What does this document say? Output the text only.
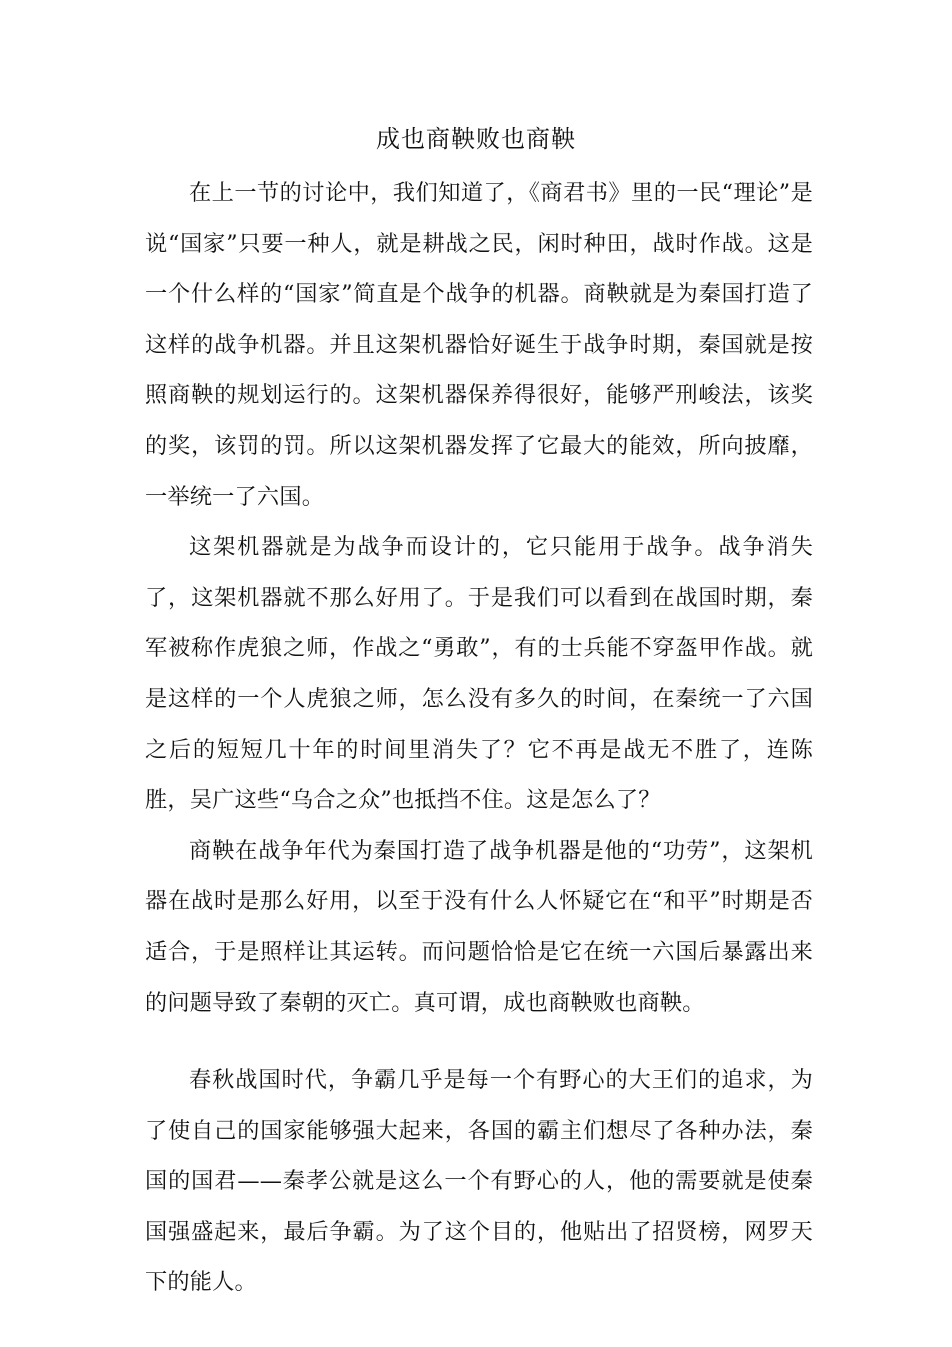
成也商鞅败也商鞅

在上一节的讨论中，我们知道了，《商君书》里的一民“理论”是说“国家”只要一种人，就是耕战之民，闲时种田，战时作战。这是一个什么样的“国家”简直是个战争的机器。商鞅就是为秦国打造了这样的战争机器。并且这架机器恰好诞生于战争时期，秦国就是按照商鞅的规划运行的。这架机器保养得很好，能够严刑峻法，该奖的奖，该罚的罚。所以这架机器发挥了它最大的能效，所向披靡，一举统一了六国。

这架机器就是为战争而设计的，它只能用于战争。战争消失了，这架机器就不那么好用了。于是我们可以看到在战国时期，秦军被称作虎狼之师，作战之“勇敢”，有的士兵能不穿盔甲作战。就是这样的一个人虎狼之师，怎么没有多久的时间，在秦统一了六国之后的短短几十年的时间里消失了？它不再是战无不胜了，连陈胜，吴广这些“乌合之众”也抵挡不住。这是怎么了？

商鞅在战争年代为秦国打造了战争机器是他的“功劳”，这架机器在战时是那么好用，以至于没有什么人怀疑它在“和平”时期是否适合，于是照样让其运转。而问题恰恰是它在统一六国后暴露出来的问题导致了秦朝的灭亡。真可谓，成也商鞅败也商鞅。

春秋战国时代，争霸几乎是每一个有野心的大王们的追求，为了使自己的国家能够强大起来，各国的霸主们想尽了各种办法，秦国的国君——秦孝公就是这么一个有野心的人，他的需要就是使秦国强盛起来，最后争霸。为了这个目的，他贴出了招贤榜，网罗天下的能人。
